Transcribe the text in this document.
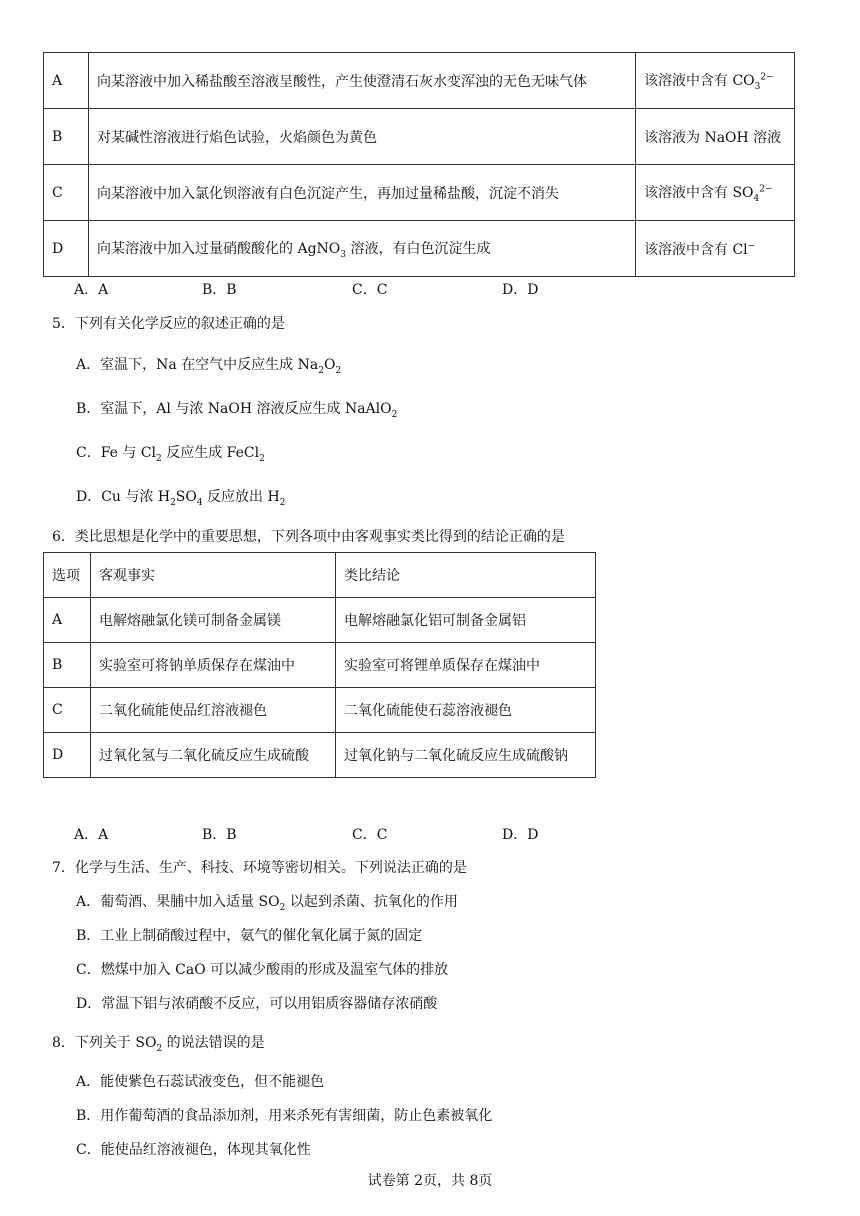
A	向某溶液中加入稀盐酸至溶液呈酸性，产生使澄清石灰水变浑浊的无色无味气体	该溶液中含有 $CO_3^{2-}$
B	对某碱性溶液进行焰色试验，火焰颜色为黄色	该溶液为 NaOH 溶液
C	向某溶液中加入氯化钡溶液有白色沉淀产生，再加过量稀盐酸，沉淀不消失	该溶液中含有 $SO_4^{2-}$
D	向某溶液中加入过量硝酸酸化的 AgNO$_3$ 溶液，有白色沉淀生成	该溶液中含有 Cl−
A．A	B．B	C．C	D．D
5．下列有关化学反应的叙述正确的是
A．室温下，Na 在空气中反应生成 $Na_2O_2$
B．室温下，Al 与浓 NaOH 溶液反应生成 NaAlO$_2$
C．Fe 与 $Cl_2$ 反应生成 FeCl$_2$
D．Cu 与浓 $H_2SO_4$ 反应放出 $H_2$
6．类比思想是化学中的重要思想，下列各项中由客观事实类比得到的结论正确的是
选项	客观事实	类比结论
A	电解熔融氯化镁可制备金属镁	电解熔融氯化铝可制备金属铝
B	实验室可将钠单质保存在煤油中	实验室可将锂单质保存在煤油中
C	二氧化硫能使品红溶液褪色	二氧化硫能使石蕊溶液褪色
D	过氧化氢与二氧化硫反应生成硫酸	过氧化钠与二氧化硫反应生成硫酸钠
A．A	B．B	C．C	D．D
7．化学与生活、生产、科技、环境等密切相关。下列说法正确的是
A．葡萄酒、果脯中加入适量 $SO_2$ 以起到杀菌、抗氧化的作用
B．工业上制硝酸过程中，氨气的催化氧化属于氮的固定
C．燃煤中加入 CaO 可以减少酸雨的形成及温室气体的排放
D．常温下铝与浓硝酸不反应，可以用铝质容器储存浓硝酸
8．下列关于 $SO_2$ 的说法错误的是
A．能使紫色石蕊试液变色，但不能褪色
B．用作葡萄酒的食品添加剂，用来杀死有害细菌，防止色素被氧化
C．能使品红溶液褪色，体现其氧化性
试卷第 2页，共 8页
